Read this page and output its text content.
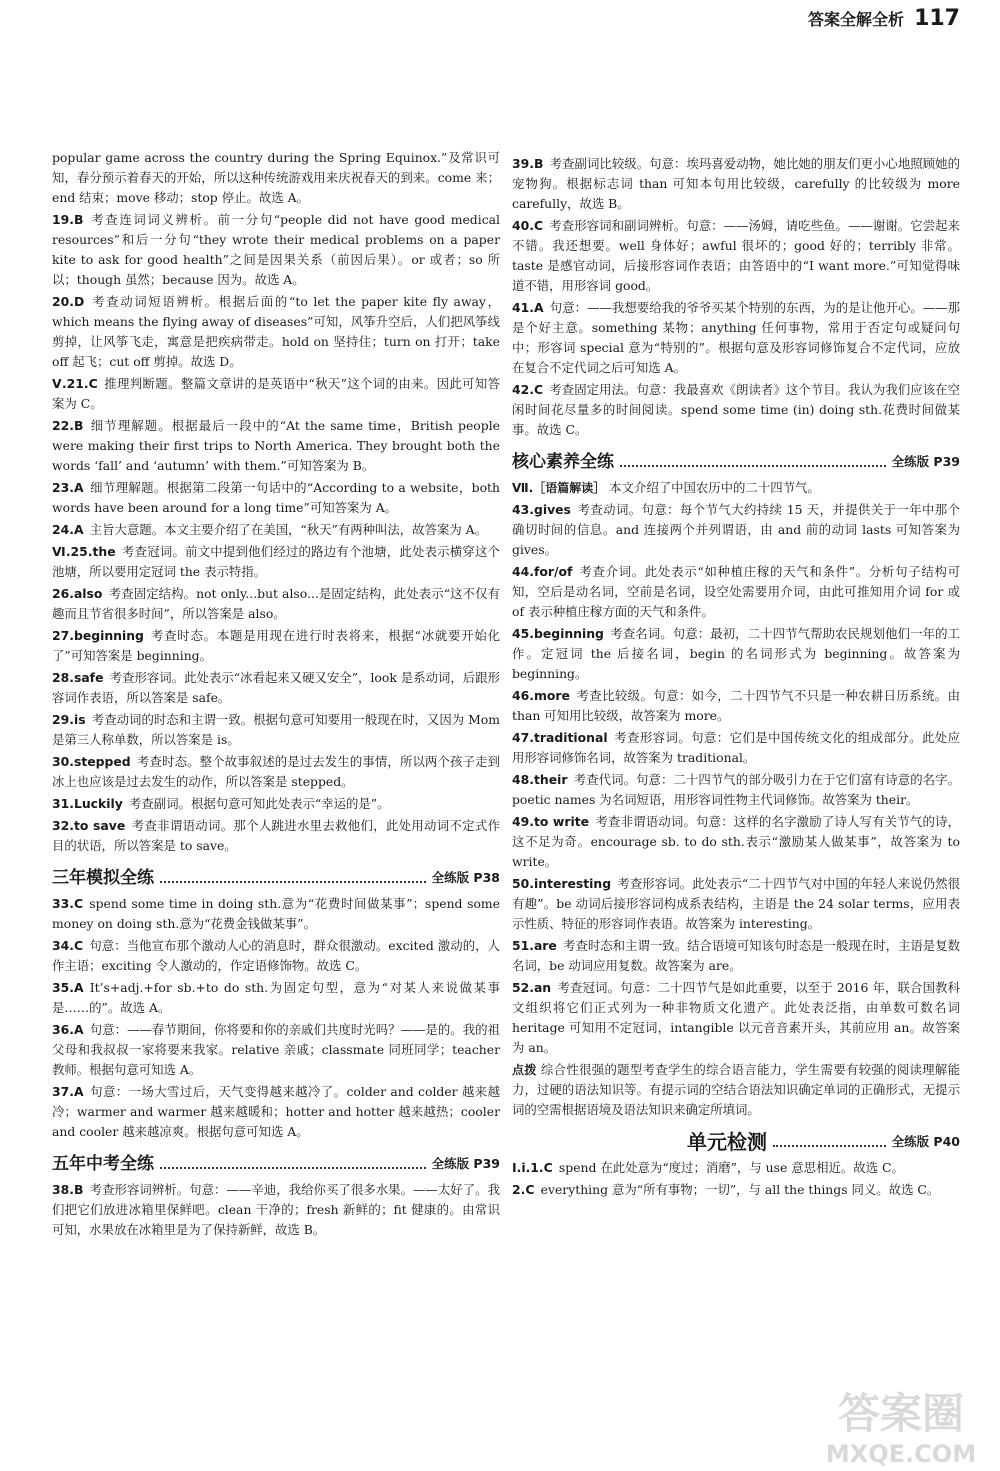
答案全解全析 117

popular game across the country during the Spring Equinox.”及常识可知，春分预示着春天的开始，所以这种传统游戏用来庆祝春天的到来。come 来；end 结束；move 移动；stop 停止。故选 A。

19.B  考查连词词义辨析。前一分句“people did not have good medical resources”和后一分句“they wrote their medical problems on a paper kite to ask for good health”之间是因果关系（前因后果）。or 或者；so 所以；though 虽然；because 因为。故选 A。

20.D  考查动词短语辨析。根据后面的“to let the paper kite fly away，which means the flying away of diseases”可知，风筝升空后，人们把风筝线剪掉，让风筝飞走，寓意是把疾病带走。hold on 坚持住；turn on 打开；take off 起飞；cut off 剪掉。故选 D。

Ⅴ.21.C  推理判断题。整篇文章讲的是英语中“秋天”这个词的由来。因此可知答案为 C。

22.B  细节理解题。根据最后一段中的“At the same time，British people were making their first trips to North America. They brought both the words ‘fall’ and ‘autumn’ with them.”可知答案为 B。

23.A  细节理解题。根据第二段第一句话中的“According to a website，both words have been around for a long time”可知答案为 A。

24.A  主旨大意题。本文主要介绍了在美国，“秋天”有两种叫法，故答案为 A。

Ⅵ.25.the  考查冠词。前文中提到他们经过的路边有个池塘，此处表示横穿这个池塘，所以要用定冠词 the 表示特指。

26.also  考查固定结构。not only...but also...是固定结构，此处表示“这不仅有趣而且节省很多时间”，所以答案是 also。

27.beginning  考查时态。本题是用现在进行时表将来，根据“冰就要开始化了”可知答案是 beginning。

28.safe  考查形容词。此处表示“冰看起来又硬又安全”，look 是系动词，后跟形容词作表语，所以答案是 safe。

29.is  考查动词的时态和主谓一致。根据句意可知要用一般现在时，又因为 Mom 是第三人称单数，所以答案是 is。

30.stepped  考查时态。整个故事叙述的是过去发生的事情，所以两个孩子走到冰上也应该是过去发生的动作，所以答案是 stepped。

31.Luckily  考查副词。根据句意可知此处表示“幸运的是”。

32.to save  考查非谓语动词。那个人跳进水里去救他们，此处用动词不定式作目的状语，所以答案是 to save。

三年模拟全练	全练版 P38

33.C  spend some time in doing sth.意为“花费时间做某事”；spend some money on doing sth.意为“花费金钱做某事”。

34.C  句意：当他宣布那个激动人心的消息时，群众很激动。excited 激动的，人作主语；exciting 令人激动的，作定语修饰物。故选 C。

35.A  It’s+adj.+for sb.+to do sth.为固定句型，意为“对某人来说做某事是……的”。故选 A。

36.A  句意：——春节期间，你将要和你的亲戚们共度时光吗？——是的。我的祖父母和我叔叔一家将要来我家。relative 亲戚；classmate 同班同学；teacher 教师。根据句意可知选 A。

37.A  句意：一场大雪过后，天气变得越来越冷了。colder and colder 越来越冷；warmer and warmer 越来越暖和；hotter and hotter 越来越热；cooler and cooler 越来越凉爽。根据句意可知选 A。

五年中考全练	全练版 P39

38.B  考查形容词辨析。句意：——辛迪，我给你买了很多水果。——太好了。我们把它们放进冰箱里保鲜吧。clean 干净的；fresh 新鲜的；fit 健康的。由常识可知，水果放在冰箱里是为了保持新鲜，故选 B。

39.B  考查副词比较级。句意：埃玛喜爱动物，她比她的朋友们更小心地照顾她的宠物狗。根据标志词 than 可知本句用比较级，carefully 的比较级为 more carefully，故选 B。

40.C  考查形容词和副词辨析。句意：——汤姆，请吃些鱼。——谢谢。它尝起来不错。我还想要。well 身体好；awful 很坏的；good 好的；terribly 非常。taste 是感官动词，后接形容词作表语；由答语中的“I want more.”可知觉得味道不错，用形容词 good。

41.A  句意：——我想要给我的爷爷买某个特别的东西，为的是让他开心。——那是个好主意。something 某物；anything 任何事物，常用于否定句或疑问句中；形容词 special 意为“特别的”。根据句意及形容词修饰复合不定代词，应放在复合不定代词之后可知选 A。

42.C  考查固定用法。句意：我最喜欢《朗读者》这个节目。我认为我们应该在空闲时间花尽量多的时间阅读。spend some time (in) doing sth.花费时间做某事。故选 C。

核心素养全练	全练版 P39

Ⅶ.［语篇解读］ 本文介绍了中国农历中的二十四节气。

43.gives  考查动词。句意：每个节气大约持续 15 天，并提供关于一年中那个确切时间的信息。and 连接两个并列谓语，由 and 前的动词 lasts 可知答案为 gives。

44.for/of  考查介词。此处表示“如种植庄稼的天气和条件”。分析句子结构可知，空后是动名词，空前是名词，设空处需要用介词，由此可推知用介词 for 或 of 表示种植庄稼方面的天气和条件。

45.beginning  考查名词。句意：最初，二十四节气帮助农民规划他们一年的工作。定冠词 the 后接名词，begin 的名词形式为 beginning。故答案为 beginning。

46.more  考查比较级。句意：如今，二十四节气不只是一种农耕日历系统。由 than 可知用比较级，故答案为 more。

47.traditional  考查形容词。句意：它们是中国传统文化的组成部分。此处应用形容词修饰名词，故答案为 traditional。

48.their  考查代词。句意：二十四节气的部分吸引力在于它们富有诗意的名字。poetic names 为名词短语，用形容词性物主代词修饰。故答案为 their。

49.to write  考查非谓语动词。句意：这样的名字激励了诗人写有关节气的诗，这不足为奇。encourage sb. to do sth.表示“激励某人做某事”，故答案为 to write。

50.interesting  考查形容词。此处表示“二十四节气对中国的年轻人来说仍然很有趣”。be 动词后接形容词构成系表结构，主语是 the 24 solar terms，应用表示性质、特征的形容词作表语。故答案为 interesting。

51.are  考查时态和主谓一致。结合语境可知该句时态是一般现在时，主语是复数名词，be 动词应用复数。故答案为 are。

52.an  考查冠词。句意：二十四节气是如此重要，以至于 2016 年，联合国教科文组织将它们正式列为一种非物质文化遗产。此处表泛指，由单数可数名词 heritage 可知用不定冠词，intangible 以元音音素开头，其前应用 an。故答案为 an。

点拨 综合性很强的题型考查学生的综合语言能力，学生需要有较强的阅读理解能力，过硬的语法知识等。有提示词的空结合语法知识确定单词的正确形式，无提示词的空需根据语境及语法知识来确定所填词。

单元检测	全练版 P40

Ⅰ.ⅰ.1.C  spend 在此处意为“度过；消磨”，与 use 意思相近。故选 C。

2.C  everything 意为“所有事物；一切”，与 all the things 同义。故选 C。

答案圈
MXQE.COM
